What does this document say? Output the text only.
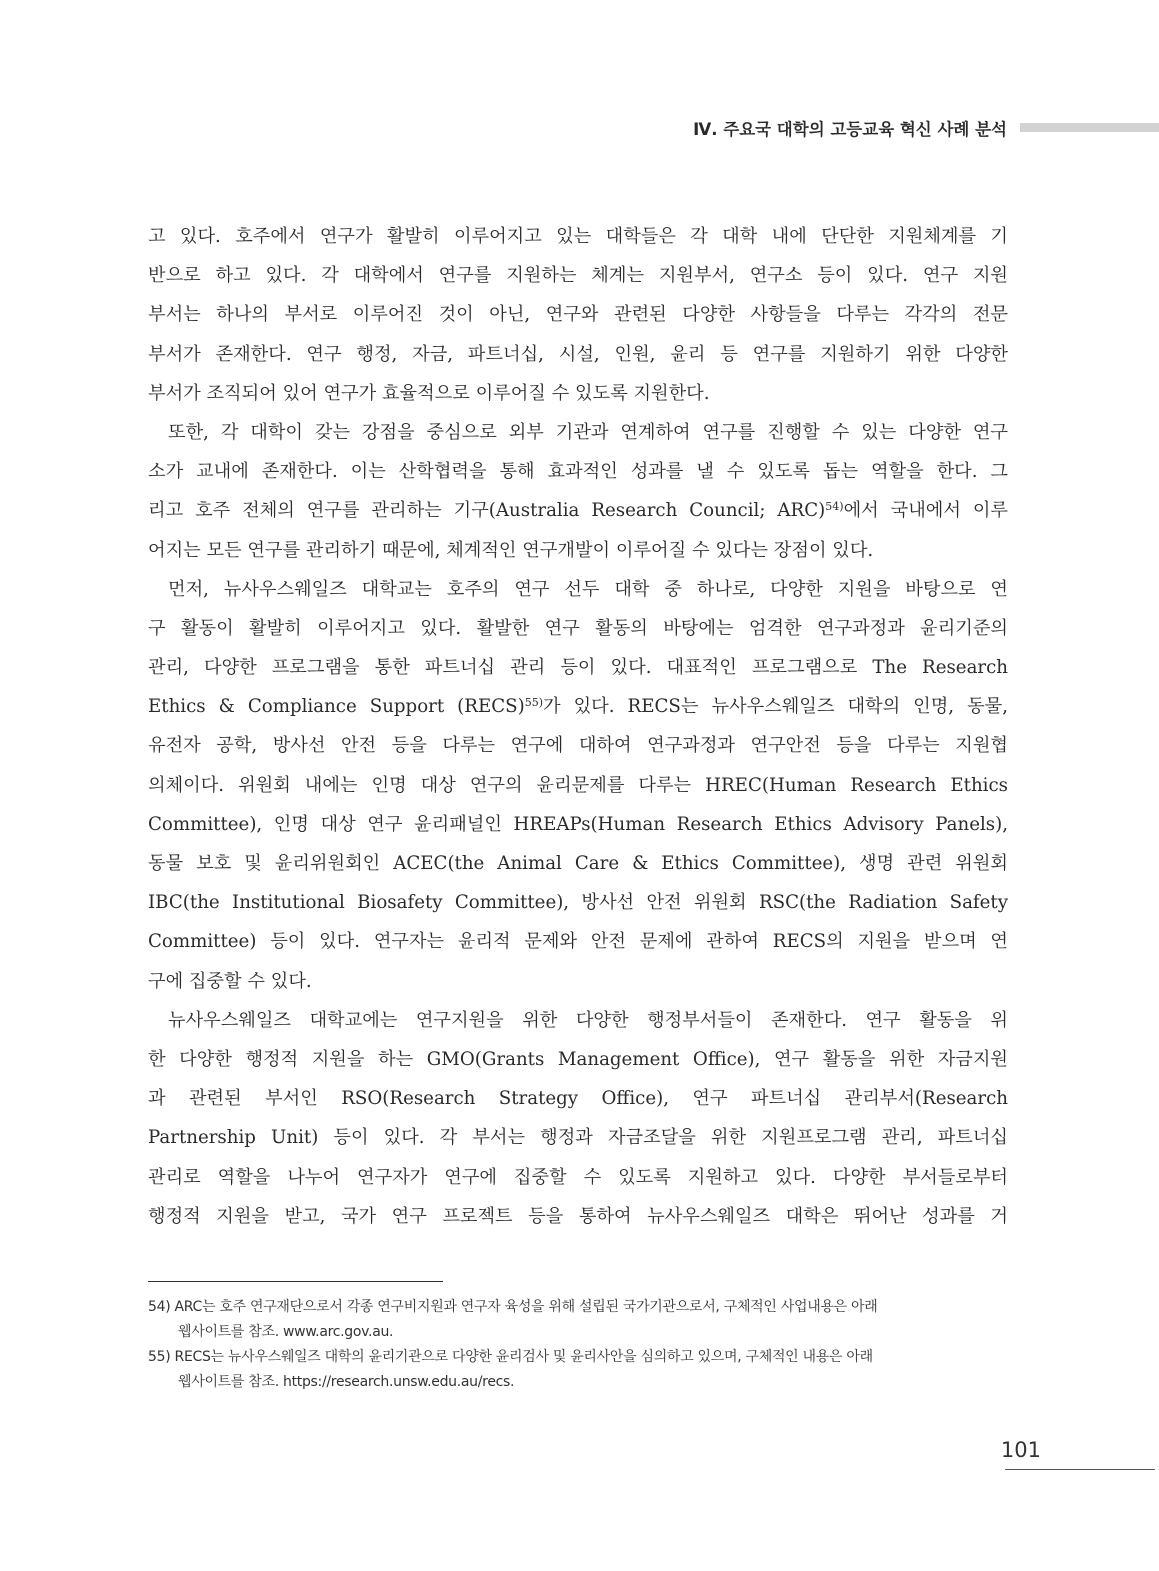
Ⅳ. 주요국 대학의 고등교육 혁신 사례 분석
고 있다. 호주에서 연구가 활발히 이루어지고 있는 대학들은 각 대학 내에 단단한 지원체계를 기
반으로 하고 있다. 각 대학에서 연구를 지원하는 체계는 지원부서, 연구소 등이 있다. 연구 지원
부서는 하나의 부서로 이루어진 것이 아닌, 연구와 관련된 다양한 사항들을 다루는 각각의 전문
부서가 존재한다. 연구 행정, 자금, 파트너십, 시설, 인원, 윤리 등 연구를 지원하기 위한 다양한
부서가 조직되어 있어 연구가 효율적으로 이루어질 수 있도록 지원한다.
또한, 각 대학이 갖는 강점을 중심으로 외부 기관과 연계하여 연구를 진행할 수 있는 다양한 연구
소가 교내에 존재한다. 이는 산학협력을 통해 효과적인 성과를 낼 수 있도록 돕는 역할을 한다. 그
리고 호주 전체의 연구를 관리하는 기구(Australia Research Council; ARC)$^{54)}$에서 국내에서 이루
어지는 모든 연구를 관리하기 때문에, 체계적인 연구개발이 이루어질 수 있다는 장점이 있다.
먼저, 뉴사우스웨일즈 대학교는 호주의 연구 선두 대학 중 하나로, 다양한 지원을 바탕으로 연
구 활동이 활발히 이루어지고 있다. 활발한 연구 활동의 바탕에는 엄격한 연구과정과 윤리기준의
관리, 다양한 프로그램을 통한 파트너십 관리 등이 있다. 대표적인 프로그램으로 The Research
Ethics & Compliance Support (RECS)$^{55)}$가 있다. RECS는 뉴사우스웨일즈 대학의 인명, 동물,
유전자 공학, 방사선 안전 등을 다루는 연구에 대하여 연구과정과 연구안전 등을 다루는 지원협
의체이다. 위원회 내에는 인명 대상 연구의 윤리문제를 다루는 HREC(Human Research Ethics
Committee), 인명 대상 연구 윤리패널인 HREAPs(Human Research Ethics Advisory Panels),
동물 보호 및 윤리위원회인 ACEC(the Animal Care & Ethics Committee), 생명 관련 위원회
IBC(the Institutional Biosafety Committee), 방사선 안전 위원회 RSC(the Radiation Safety
Committee) 등이 있다. 연구자는 윤리적 문제와 안전 문제에 관하여 RECS의 지원을 받으며 연
구에 집중할 수 있다.
뉴사우스웨일즈 대학교에는 연구지원을 위한 다양한 행정부서들이 존재한다. 연구 활동을 위
한 다양한 행정적 지원을 하는 GMO(Grants Management Office), 연구 활동을 위한 자금지원
과 관련된 부서인 RSO(Research Strategy Office), 연구 파트너십 관리부서(Research
Partnership Unit) 등이 있다. 각 부서는 행정과 자금조달을 위한 지원프로그램 관리, 파트너십
관리로 역할을 나누어 연구자가 연구에 집중할 수 있도록 지원하고 있다. 다양한 부서들로부터
행정적 지원을 받고, 국가 연구 프로젝트 등을 통하여 뉴사우스웨일즈 대학은 뛰어난 성과를 거
54) ARC는 호주 연구재단으로서 각종 연구비지원과 연구자 육성을 위해 설립된 국가기관으로서, 구체적인 사업내용은 아래
웹사이트를 참조. www.arc.gov.au.
55) RECS는 뉴사우스웨일즈 대학의 윤리기관으로 다양한 윤리검사 및 윤리사안을 심의하고 있으며, 구체적인 내용은 아래
웹사이트를 참조. https://research.unsw.edu.au/recs.
101
